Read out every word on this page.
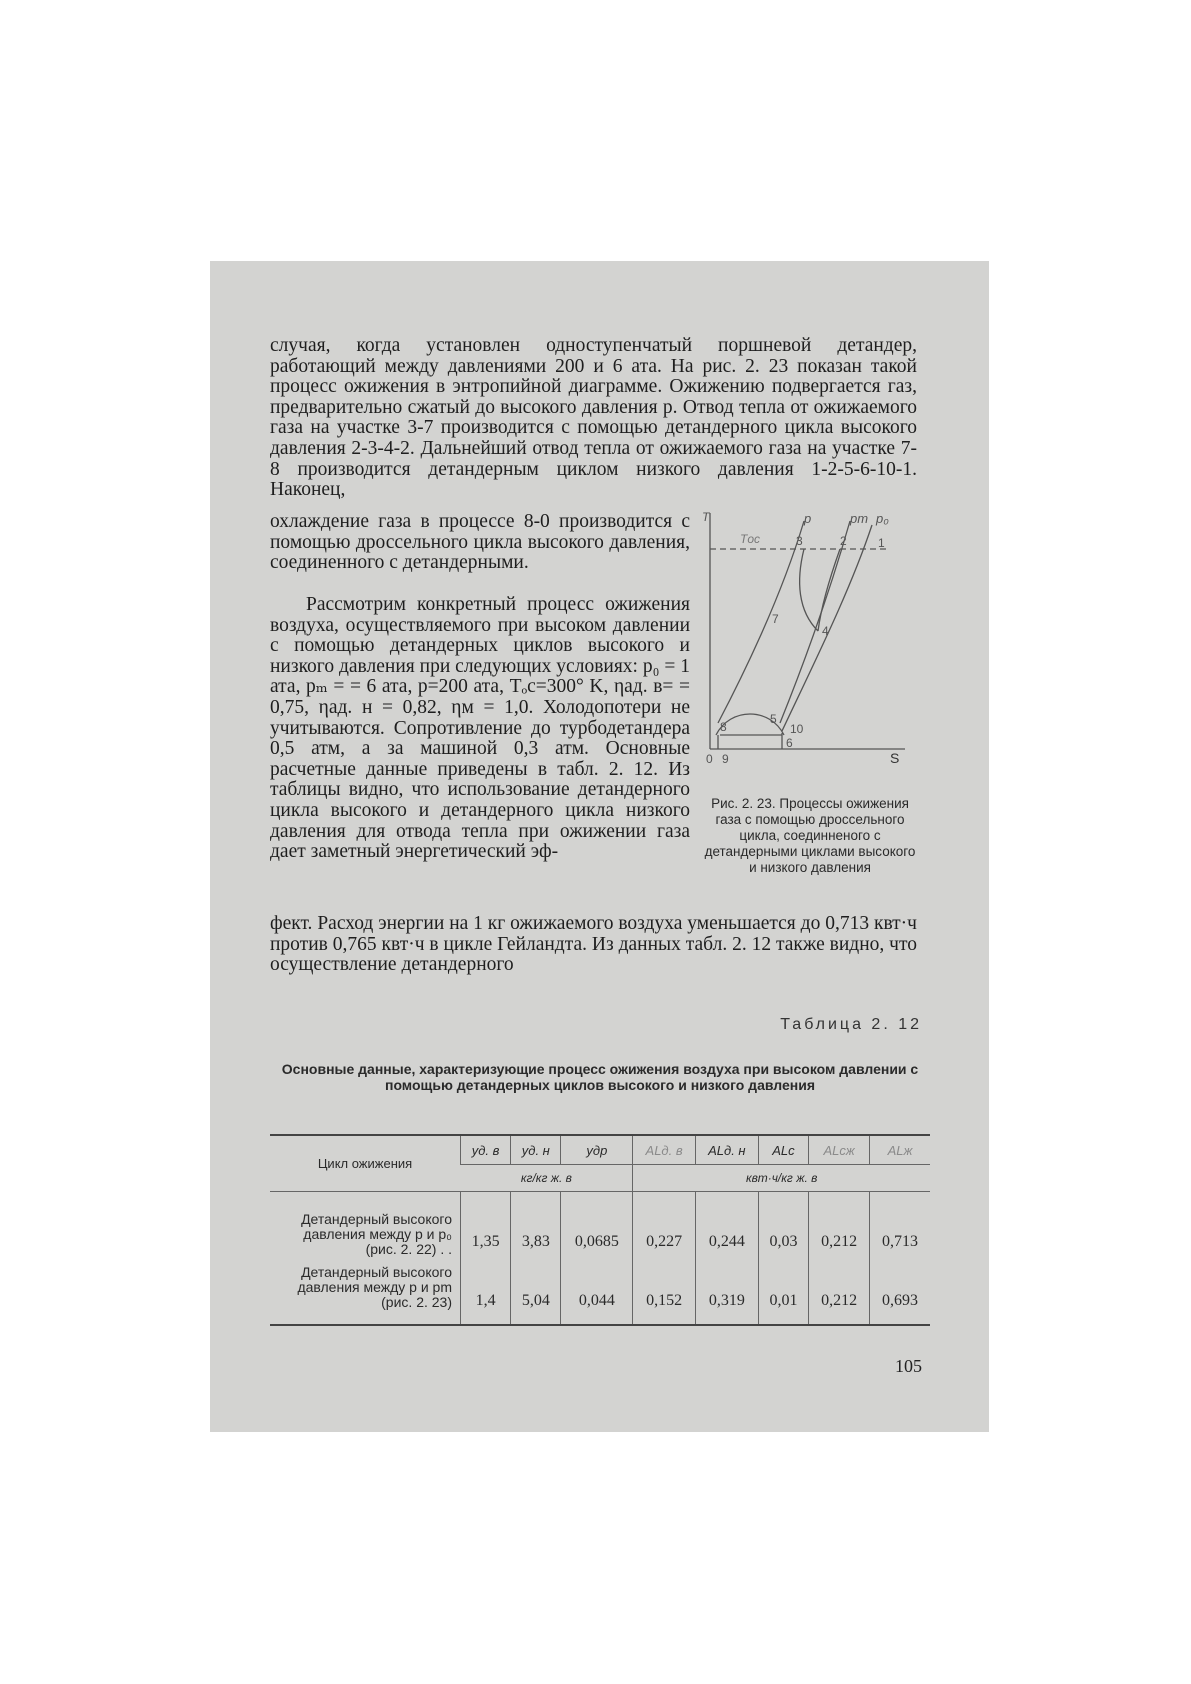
случая, когда установлен одноступенчатый поршневой детандер, работающий между давлениями 200 и 6 ата. На рис. 2. 23 показан такой процесс ожижения в энтропийной диаграмме. Ожижению подвергается газ, предварительно сжатый до высокого давления p. Отвод тепла от ожижаемого газа на участке 3-7 производится с помощью детандерного цикла высокого давления 2-3-4-2. Дальнейший отвод тепла от ожижаемого газа на участке 7-8 производится детандерным циклом низкого давления 1-2-5-6-10-1. Наконец,

охлаждение газа в процессе 8-0 производится с помощью дроссельного цикла высокого давления, соединенного с детандерными.

Рассмотрим конкретный процесс ожижения воздуха, осуществляемого при высоком давлении с помощью детандерных циклов высокого и низкого давления при следующих условиях: p₀ = 1 ата, pₘ = = 6 ата, p=200 ата, Tₒc=300° K, ηад. в= = 0,75, ηад. н = 0,82, ηм = 1,0. Холодопотери не учитываются. Сопротивление до турбодетандера 0,5 атм, а за машиной 0,3 атм. Основные расчетные данные приведены в табл. 2. 12. Из таблицы видно, что использование детандерного цикла высокого и детандерного цикла низкого давления для отвода тепла при ожижении газа дает заметный энергетический эф-

фект. Расход энергии на 1 кг ожижаемого воздуха уменьшается до 0,713 квт·ч против 0,765 квт·ч в цикле Гейландта. Из данных табл. 2. 12 также видно, что осуществление детандерного

T
S
Tос
p	pm p₀
3	2	1
7
4
5
10
8
6
0 9
Рис. 2. 23. Процессы ожижения газа с помощью дроссельного цикла, соединненого с детандерными циклами высокого и низкого давления
Таблица 2. 12
Основные данные, характеризующие процесс ожижения воздуха при высоком давлении с помощью детандерных циклов высокого и низкого давления
Цикл ожижения	yд. в	yд. н	yдр	ALд. в	ALд. н	ALc	ALсж	ALж
	кг/кг ж. в			квт·ч/кг ж. в				
Детандерный высокого давления между p и p₀ (рис. 2. 22) . .	1,35	3,83	0,0685	0,227	0,244	0,03	0,212	0,713
Детандерный высокого давления между p и pm (рис. 2. 23)	1,4	5,04	0,044	0,152	0,319	0,01	0,212	0,693
105
